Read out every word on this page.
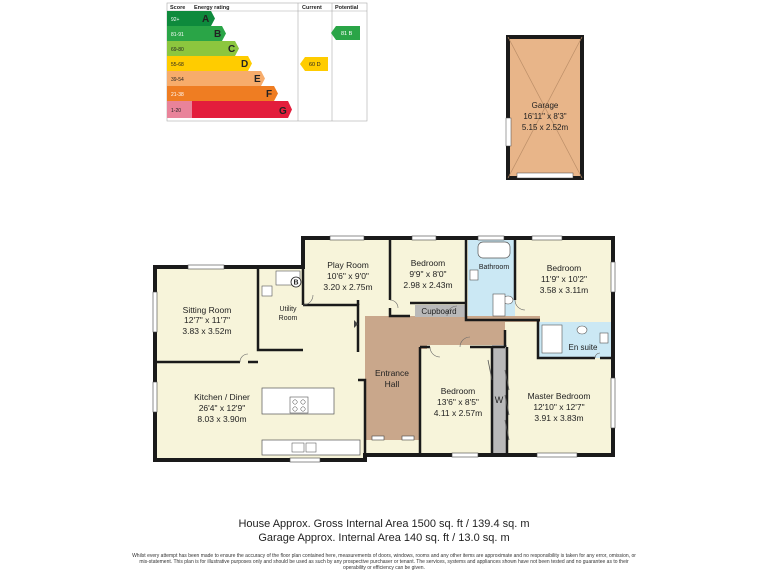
Score Energy rating	Current Potential
92+ A
81-91	B
69-80	C
55-68	D
39-54	E
21-38	F
1-20	G
60 D
81 B
Garage
16'11" x 8'3"
5.15 x 2.52m
B
Sitting Room
12'7" x 11'7"
3.83 x 3.52m
Utility
Room
Play Room
10'6" x 9'0"
3.20 x 2.75m
Bedroom
9'9" x 8'0"
2.98 x 2.43m
Bathroom	Bedroom
11'9" x 10'2"
3.58 x 3.11m
Cupboard
En suite
Entrance
Hall
Kitchen / Diner
26'4" x 12'9"
8.03 x 3.90m
Bedroom
13'6" x 8'5"
4.11 x 2.57m
W	Master Bedroom
12'10" x 12'7"
3.91 x 3.83m
House Approx. Gross Internal Area 1500 sq. ft / 139.4 sq. m
Garage Approx. Internal Area 140 sq. ft / 13.0 sq. m
Whilst every attempt has been made to ensure the accuracy of the floor plan contained here, measurements of doors, windows, rooms and any other items are approximate and no responsibility is taken for any error, omission, or mis-statement. This plan is for illustrative purposes only and should be used as such by any prospective purchaser or tenant. The services, systems and appliances shown have not been tested and no guarantee as to their operability or efficiency can be given.
